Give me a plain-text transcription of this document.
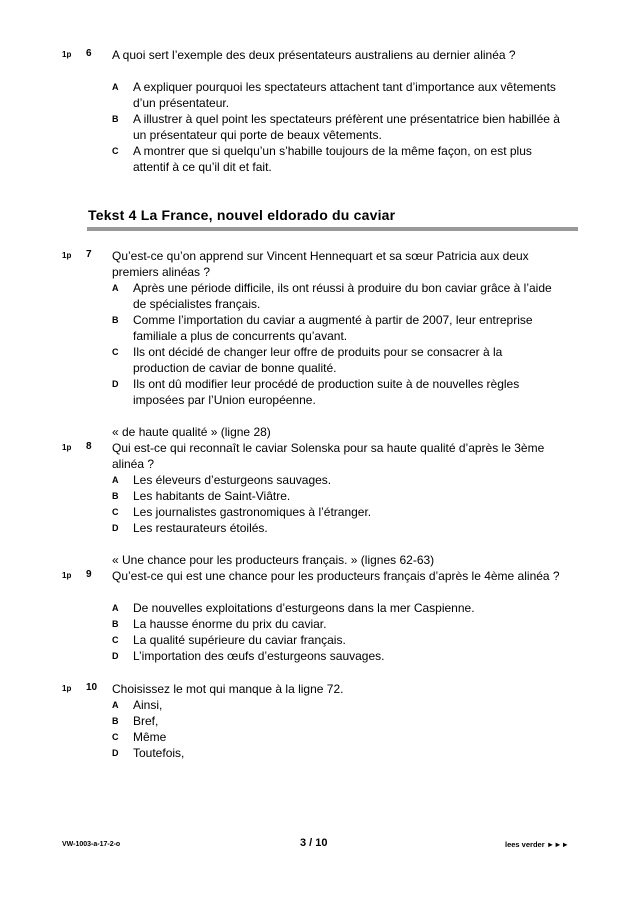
1p 6 A quoi sert l’exemple des deux présentateurs australiens au dernier alinéa ?
A A expliquer pourquoi les spectateurs attachent tant d’importance aux vêtements d’un présentateur.
B A illustrer à quel point les spectateurs préfèrent une présentatrice bien habillée à un présentateur qui porte de beaux vêtements.
C A montrer que si quelqu’un s’habille toujours de la même façon, on est plus attentif à ce qu’il dit et fait.
Tekst 4 La France, nouvel eldorado du caviar
1p 7 Qu’est-ce qu’on apprend sur Vincent Hennequart et sa sœur Patricia aux deux premiers alinéas ?
A Après une période difficile, ils ont réussi à produire du bon caviar grâce à l’aide de spécialistes français.
B Comme l’importation du caviar a augmenté à partir de 2007, leur entreprise familiale a plus de concurrents qu’avant.
C Ils ont décidé de changer leur offre de produits pour se consacrer à la production de caviar de bonne qualité.
D Ils ont dû modifier leur procédé de production suite à de nouvelles règles imposées par l’Union européenne.
« de haute qualité » (ligne 28)
1p 8 Qui est-ce qui reconnaît le caviar Solenska pour sa haute qualité d’après le 3ème alinéa ?
A Les éleveurs d’esturgeons sauvages.
B Les habitants de Saint-Viâtre.
C Les journalistes gastronomiques à l’étranger.
D Les restaurateurs étoilés.
« Une chance pour les producteurs français. » (lignes 62-63)
1p 9 Qu’est-ce qui est une chance pour les producteurs français d’après le 4ème alinéa ?
A De nouvelles exploitations d’esturgeons dans la mer Caspienne.
B La hausse énorme du prix du caviar.
C La qualité supérieure du caviar français.
D L’importation des œufs d’esturgeons sauvages.
1p 10 Choisissez le mot qui manque à la ligne 72.
A Ainsi,
B Bref,
C Même
D Toutefois,
VW-1003-a-17-2-o	3 / 10	lees verder ►►►
